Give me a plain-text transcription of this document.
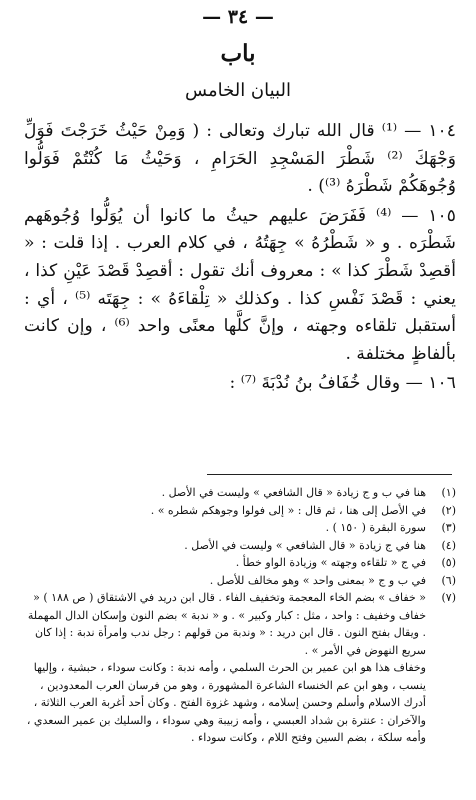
— ٣٤ —
باب
البيان الخامس

١٠٤ — ⁽¹⁾ قال الله تبارك وتعالى : ( وَمِنْ حَيْثُ خَرَجْتَ فَوَلِّ وَجْهَكَ ⁽²⁾ شَطْرَ المَسْجِدِ الحَرَامِ ، وَحَيْثُ مَا كُنْتُمْ فَوَلُّوا وُجُوهَكُمْ شَطْرَهُ ⁽³⁾) .

١٠٥ — ⁽⁴⁾ فَفَرَضَ عليهم حيثُ ما كانوا أن يُوَلُّوا وُجُوهَهم شَطْرَه . و « شَطْرُهُ » جِهَتُهُ ، في كلام العرب . إذا قلت : « أقصِدْ شَطْرَ كذا » : معروف أنك تقول : أقصِدْ قَصْدَ عَيْنِ كذا ، يعني : قَصْدَ نَفْسِ كذا . وكذلك « تِلْقاءَهُ » : جِهَتَه ⁽⁵⁾ ، أي : أستقبل تلقاءه وجهته ، وإنَّ كلَّها معنًى واحد ⁽⁶⁾ ، وإن كانت بألفاظٍ مختلفة .

١٠٦ — وقال خُفَافُ بنُ نُدْبَةَ ⁽⁷⁾ :

(١)
هنا في ب و ج زيادة « قال الشافعي » وليست في الأصل .
(٢)
في الأصل إلى هنا ، ثم قال : « إلى فولوا وجوهكم شطره » .
(٣)
سورة البقرة ( ١٥٠ ) .
(٤)
هنا في ج زيادة « قال الشافعي » وليست في الأصل .
(٥)
في ج « تلقاءه وجهته » وزيادة الواو خطأ .
(٦)
في ب و ج « بمعنى واحد » وهو مخالف للأصل .
(٧)
« خفاف » بضم الخاء المعجمة وتخفيف الفاء . قال ابن دريد في الاشتقاق ( ص ١٨٨ ) « خفاف وخفيف : واحد ، مثل : كبار وكبير » . و « ندبة » بضم النون وإسكان الدال المهملة . ويقال بفتح النون . قال ابن دريد : « وندبة من قولهم : رجل ندب وامرأة ندبة : إذا كان سريع النهوض في الأمر » .
وخفاف هذا هو ابن عمير بن الحرث السلمي ، وأمه ندبة : وكانت سوداء ، حبشية ، وإليها ينسب ، وهو ابن عم الخنساء الشاعرة المشهورة ، وهو من فرسان العرب المعدودين ، أدرك الاسلام وأسلم وحسن إسلامه ، وشهد غزوة الفتح . وكان أحد أغربة العرب الثلاثة ، والآخران : عنترة بن شداد العبسي ، وأمه زبيبة وهي سوداء ، والسليك بن عمير السعدي ، وأمه سلكة ، بضم السين وفتح اللام ، وكانت سوداء .
